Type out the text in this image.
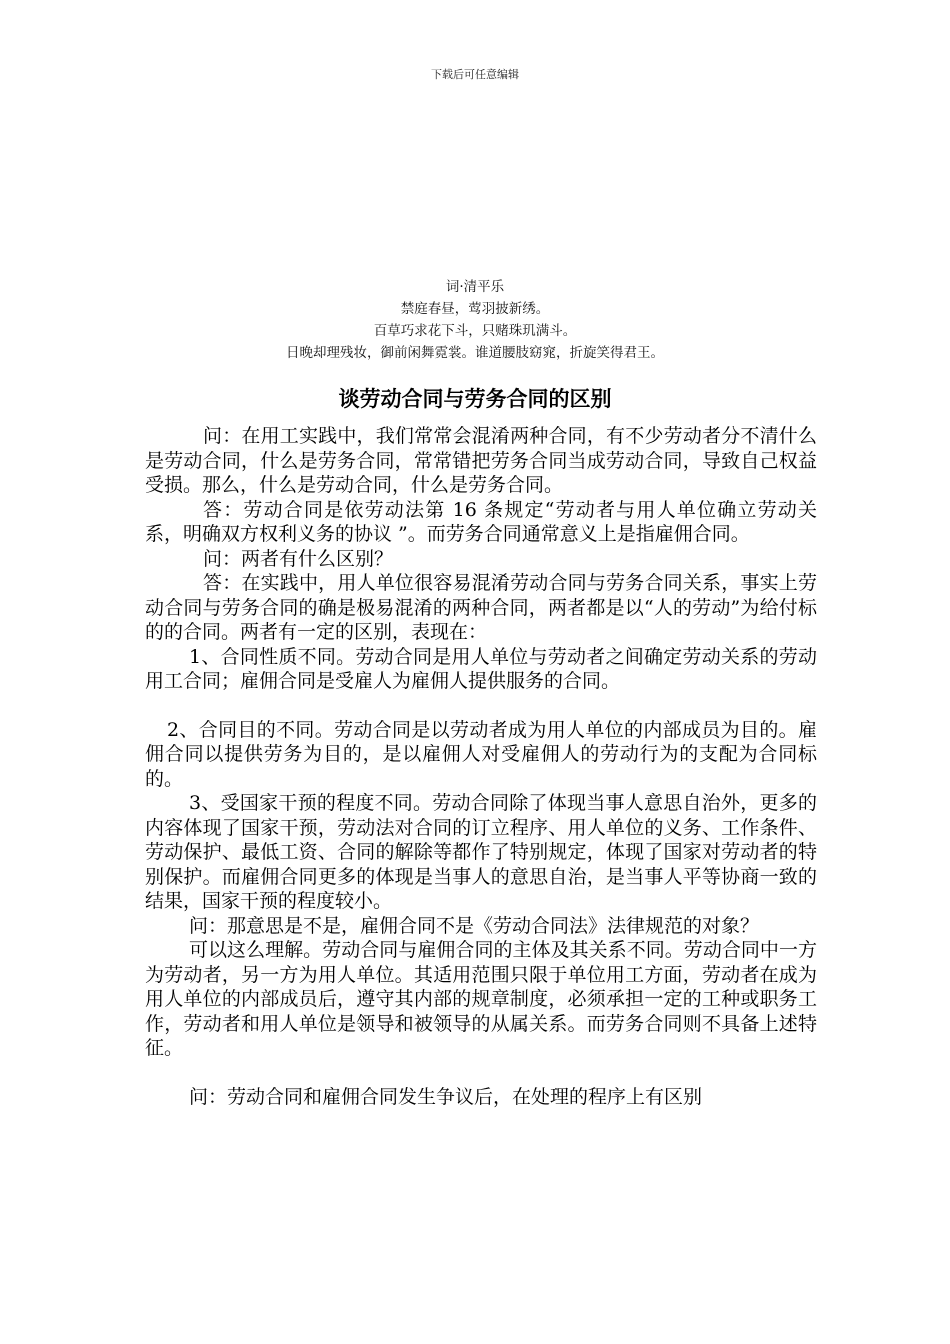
下载后可任意编辑
词·清平乐
禁庭春昼，莺羽披新绣。
百草巧求花下斗，只赌珠玑满斗。
日晚却理残妆，御前闲舞霓裳。谁道腰肢窈窕，折旋笑得君王。
谈劳动合同与劳务合同的区别

问：在用工实践中，我们常常会混淆两种合同，有不少劳动者分不清什么是劳动合同，什么是劳务合同，常常错把劳务合同当成劳动合同，导致自己权益受损。那么，什么是劳动合同，什么是劳务合同。

答：劳动合同是依劳动法第 16 条规定“劳动者与用人单位确立劳动关系，明确双方权利义务的协议 ”。而劳务合同通常意义上是指雇佣合同。

问：两者有什么区别？

答：在实践中，用人单位很容易混淆劳动合同与劳务合同关系，事实上劳动合同与劳务合同的确是极易混淆的两种合同，两者都是以“人的劳动”为给付标的的合同。两者有一定的区别，表现在：

1、合同性质不同。劳动合同是用人单位与劳动者之间确定劳动关系的劳动用工合同；雇佣合同是受雇人为雇佣人提供服务的合同。

2、合同目的不同。劳动合同是以劳动者成为用人单位的内部成员为目的。雇佣合同以提供劳务为目的，是以雇佣人对受雇佣人的劳动行为的支配为合同标的。

3、受国家干预的程度不同。劳动合同除了体现当事人意思自治外，更多的内容体现了国家干预，劳动法对合同的订立程序、用人单位的义务、工作条件、劳动保护、最低工资、合同的解除等都作了特别规定，体现了国家对劳动者的特别保护。而雇佣合同更多的体现是当事人的意思自治，是当事人平等协商一致的结果，国家干预的程度较小。

问：那意思是不是，雇佣合同不是《劳动合同法》法律规范的对象？

可以这么理解。劳动合同与雇佣合同的主体及其关系不同。劳动合同中一方为劳动者，另一方为用人单位。其适用范围只限于单位用工方面，劳动者在成为用人单位的内部成员后，遵守其内部的规章制度，必须承担一定的工种或职务工作，劳动者和用人单位是领导和被领导的从属关系。而劳务合同则不具备上述特征。

问：劳动合同和雇佣合同发生争议后，在处理的程序上有区别
